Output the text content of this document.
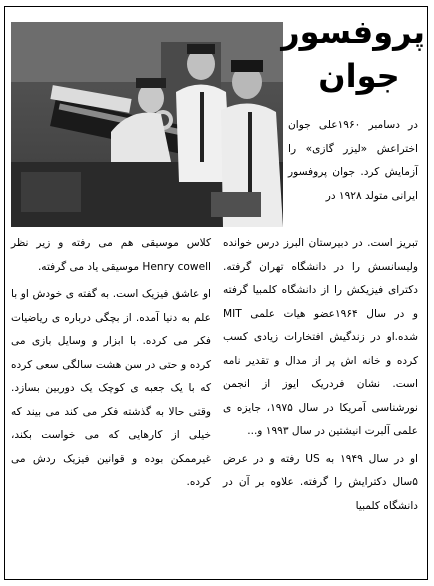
پروفسور
جوان

در دسامبر ۱۹۶۰علی جوان اختراعش «لیزر گازی» را آزمایش کرد. جوان پروفسور ایرانی متولد ۱۹۲۸ در

تبریز است. در دبیرستان البرز درس خوانده ولیسانسش را در دانشگاه تهران گرفته. دکترای فیزیکش را از دانشگاه کلمبیا گرفته و در سال ۱۹۶۴عضو هیات علمی MIT شده.او در زندگیش افتخارات زیادی کسب کرده و خانه اش پر از مدال و تقدیر نامه است. نشان فردریک ایوز از انجمن نورشناسی آمریکا در سال ۱۹۷۵، جایزه ی علمی آلبرت انیشتین در سال ۱۹۹۳ و...

او در سال ۱۹۴۹ به US رفته و در عرض ۵سال دکترایش را گرفته. علاوه بر آن در دانشگاه کلمبیا

کلاس موسیقی هم می رفته و زیر نظر Henry cowell موسیقی یاد می گرفته.

او عاشق فیزیک است. به گفته ی خودش او با علم به دنیا آمده. از بچگی درباره ی ریاضیات فکر می کرده. با ابزار و وسایل بازی می کرده و حتی در سن هشت سالگی سعی کرده که با یک جعبه ی کوچک یک دوربین بسازد. وقتی حالا به گذشته فکر می کند می بیند که خیلی از کارهایی که می خواست بکند، غیرممکن بوده و قوانین فیزیک ردش می کرده.
